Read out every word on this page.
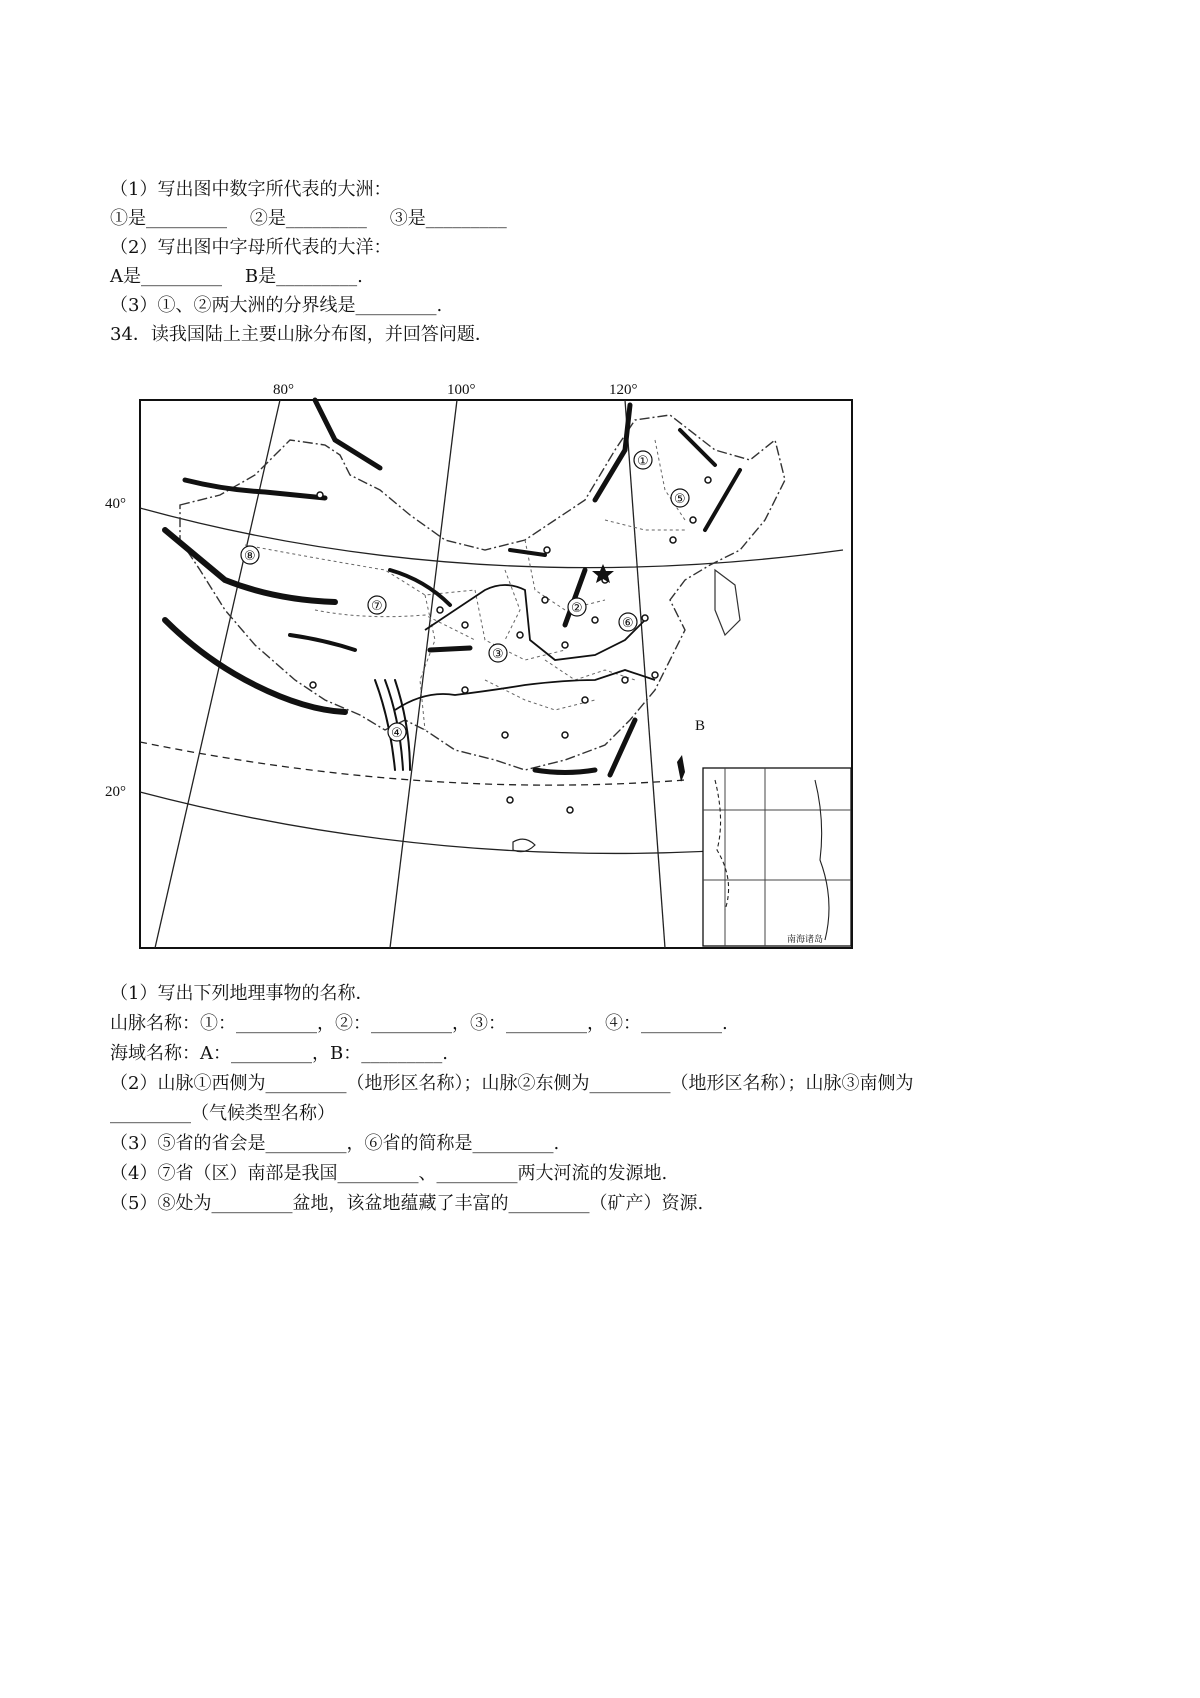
（1）写出图中数字所代表的大洲：
①是_________    ②是_________    ③是_________
（2）写出图中字母所代表的大洋：
A是_________    B是_________.
（3）①、②两大洲的分界线是_________.
34．读我国陆上主要山脉分布图，并回答问题．
80°	100°	120°
40°
20°
①
②
③
④
⑤
⑥
⑦
⑧
B
南海诸岛
（1）写出下列地理事物的名称．
山脉名称：①：_________，②：_________，③：_________，④：_________.
海域名称：A：_________，B：_________.
（2）山脉①西侧为_________（地形区名称）；山脉②东侧为_________（地形区名称）；山脉③南侧为
_________（气候类型名称）
（3）⑤省的省会是_________，⑥省的简称是_________.
（4）⑦省（区）南部是我国_________、_________两大河流的发源地.
（5）⑧处为_________盆地，该盆地蕴藏了丰富的_________（矿产）资源.
